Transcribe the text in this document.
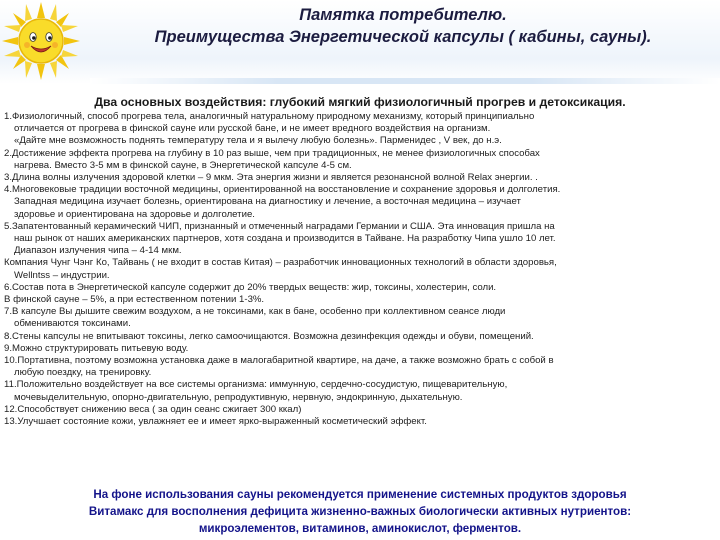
Памятка потребителю.
Преимущества Энергетической капсулы ( кабины, сауны).
Два основных воздействия: глубокий мягкий физиологичный прогрев и детоксикация.

1.Физиологичный, способ прогрева тела, аналогичный натуральному природному механизму, который принципиально

отличается от прогрева в финской сауне или русской бане, и не имеет вредного воздействия на организм.

«Дайте мне возможность поднять температуру тела и я вылечу любую болезнь». Парменидес , V век, до н.э.

2.Достижение эффекта прогрева на глубину в 10 раз выше, чем при традиционных, не менее физиологичных способах

нагрева. Вместо 3-5 мм в финской сауне, в Энергетической капсуле 4-5 см.

3.Длина волны излучения здоровой клетки – 9 мкм. Эта энергия жизни и является резонансной волной Relax энергии. .

4.Многовековые традиции восточной медицины, ориентированной на восстановление и сохранение здоровья и долголетия.

Западная медицина изучает болезнь, ориентирована на диагностику и лечение, а восточная медицина – изучает

здоровье и ориентирована на здоровье и долголетие.

5.Запатентованный керамический ЧИП, признанный и отмеченный наградами Германии и США. Эта инновация пришла на

наш рынок от наших американских партнеров, хотя создана и производится в Тайване. На разработку Чипа ушло 10 лет.

Диапазон излучения чипа – 4-14 мкм.

Компания Чунг Чэнг Ко, Тайвань ( не входит в состав Китая) – разработчик инновационных технологий в области здоровья,

Wellntss – индустрии.

6.Состав пота в Энергетической капсуле содержит до 20% твердых веществ: жир, токсины, холестерин, соли.

В финской сауне – 5%, а при естественном потении 1-3%.

7.В капсуле Вы дышите свежим воздухом, а не токсинами, как в бане, особенно при коллективном сеансе люди

обмениваются токсинами.

8.Стены капсулы не впитывают токсины, легко самоочищаются. Возможна дезинфекция одежды и обуви, помещений.

9.Можно структурировать питьевую воду.

10.Портативна, поэтому возможна установка даже в малогабаритной квартире, на даче, а также возможно брать с собой в

любую поездку, на тренировку.

11.Положительно воздействует на все системы организма: иммунную, сердечно-сосудистую, пищеварительную,

мочевыделительную, опорно-двигательную, репродуктивную, нервную, эндокринную, дыхательную.

12.Способствует снижению веса ( за один сеанс сжигает 300 ккал)

13.Улучшает состояние кожи, увлажняет ее и имеет ярко-выраженный косметический эффект.

На фоне использования сауны рекомендуется применение системных продуктов здоровья
Витамакс для восполнения дефицита жизненно-важных биологически активных нутриентов:
микроэлементов, витаминов, аминокислот, ферментов.
